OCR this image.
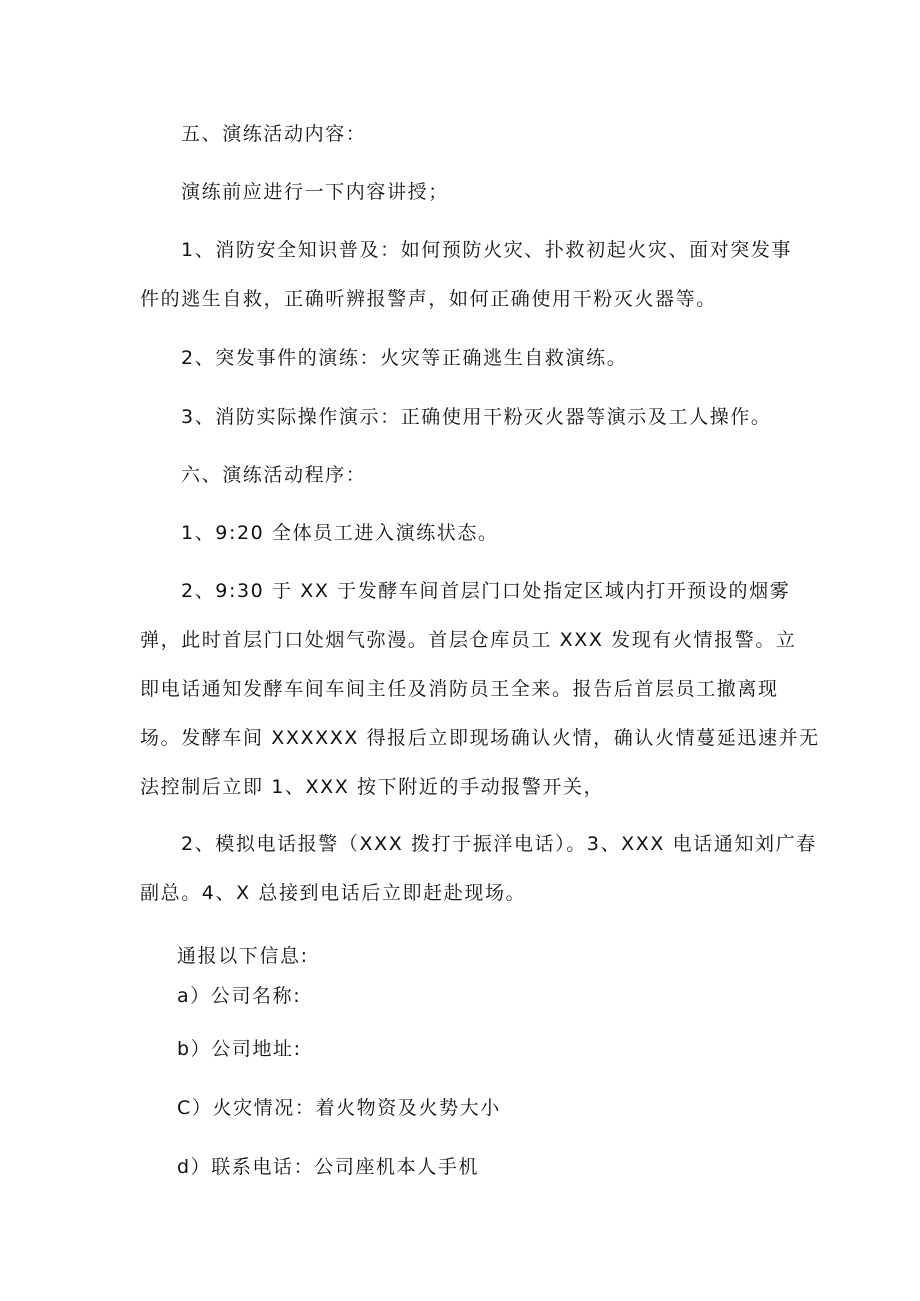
五、演练活动内容：
演练前应进行一下内容讲授；
1、消防安全知识普及：如何预防火灾、扑救初起火灾、面对突发事
件的逃生自救，正确听辨报警声，如何正确使用干粉灭火器等。
2、突发事件的演练：火灾等正确逃生自救演练。
3、消防实际操作演示：正确使用干粉灭火器等演示及工人操作。
六、演练活动程序：
1、9:20 全体员工进入演练状态。
2、9:30 于 XX 于发酵车间首层门口处指定区域内打开预设的烟雾
弹，此时首层门口处烟气弥漫。首层仓库员工 XXX 发现有火情报警。立
即电话通知发酵车间车间主任及消防员王全来。报告后首层员工撤离现
场。发酵车间 XXXXXX 得报后立即现场确认火情，确认火情蔓延迅速并无
法控制后立即 1、XXX 按下附近的手动报警开关，
2、模拟电话报警（XXX 拨打于振洋电话）。3、XXX 电话通知刘广春
副总。4、X 总接到电话后立即赶赴现场。
通报以下信息:
a）公司名称:
b）公司地址:
C）火灾情况：着火物资及火势大小
d）联系电话：公司座机本人手机
